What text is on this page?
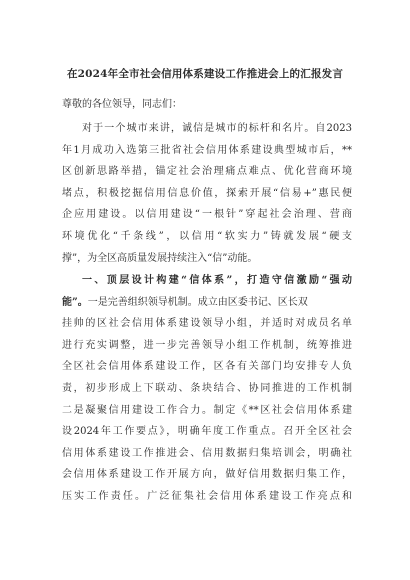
在2024年全市社会信用体系建设工作推进会上的汇报发言
尊敬的各位领导，同志们：
对于一个城市来讲，诚信是城市的标杆和名片。自2023
年1月成功入选第三批省社会信用体系建设典型城市后，**
区创新思路举措，锚定社会治理痛点难点、优化营商环境
堵点，积极挖掘信用信息价值，探索开展“信易+”惠民便
企应用建设。以信用建设“一根针”穿起社会治理、营商
环境优化“千条线”，以信用“软实力”铸就发展“硬支
撑”，为全区高质量发展持续注入“信”动能。
一、顶层设计构建“信体系”，打造守信激励“强动
能”。一是完善组织领导机制。成立由区委书记、区长双
挂帅的区社会信用体系建设领导小组，并适时对成员名单
进行充实调整，进一步完善领导小组工作机制，统筹推进
全区社会信用体系建设工作，区各有关部门均安排专人负
责，初步形成上下联动、条块结合、协同推进的工作机制
二是凝聚信用建设工作合力。制定《**区社会信用体系建
设2024年工作要点》，明确年度工作重点。召开全区社会
信用体系建设工作推进会、信用数据归集培训会，明确社
会信用体系建设工作开展方向，做好信用数据归集工作，
压实工作责任。广泛征集社会信用体系建设工作亮点和
